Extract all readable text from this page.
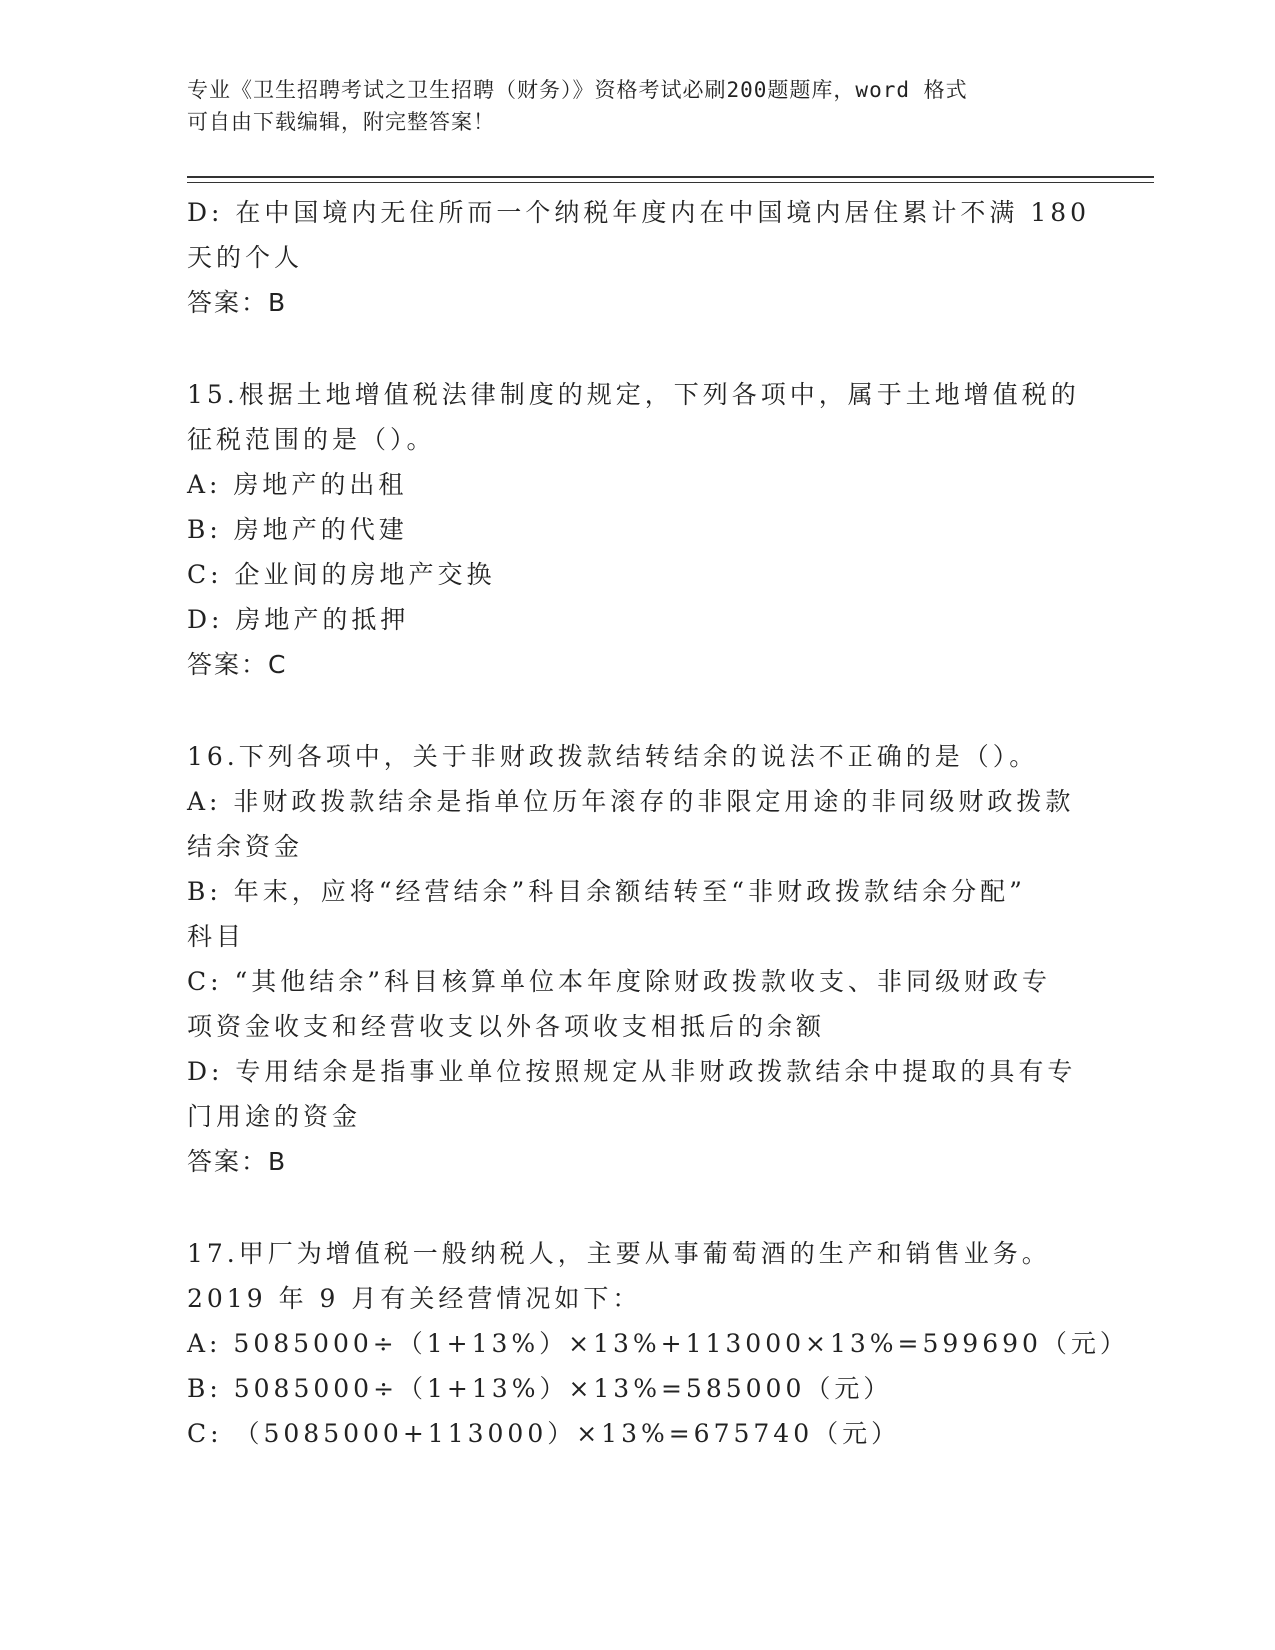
专业《卫生招聘考试之卫生招聘（财务）》资格考试必刷200题题库，word 格式
可自由下载编辑，附完整答案！
D: 在中国境内无住所而一个纳税年度内在中国境内居住累计不满 180
天的个人
答案：B
15.根据土地增值税法律制度的规定，下列各项中，属于土地增值税的
征税范围的是（）。
A: 房地产的出租
B: 房地产的代建
C: 企业间的房地产交换
D: 房地产的抵押
答案：C
16.下列各项中，关于非财政拨款结转结余的说法不正确的是（）。
A: 非财政拨款结余是指单位历年滚存的非限定用途的非同级财政拨款
结余资金
B: 年末，应将“经营结余”科目余额结转至“非财政拨款结余分配”
科目
C: “其他结余”科目核算单位本年度除财政拨款收支、非同级财政专
项资金收支和经营收支以外各项收支相抵后的余额
D: 专用结余是指事业单位按照规定从非财政拨款结余中提取的具有专
门用途的资金
答案：B
17.甲厂为增值税一般纳税人，主要从事葡萄酒的生产和销售业务。
2019 年 9 月有关经营情况如下：
A: 5085000÷（1+13%）×13%+113000×13%=599690（元）
B: 5085000÷（1+13%）×13%=585000（元）
C: （5085000+113000）×13%=675740（元）
